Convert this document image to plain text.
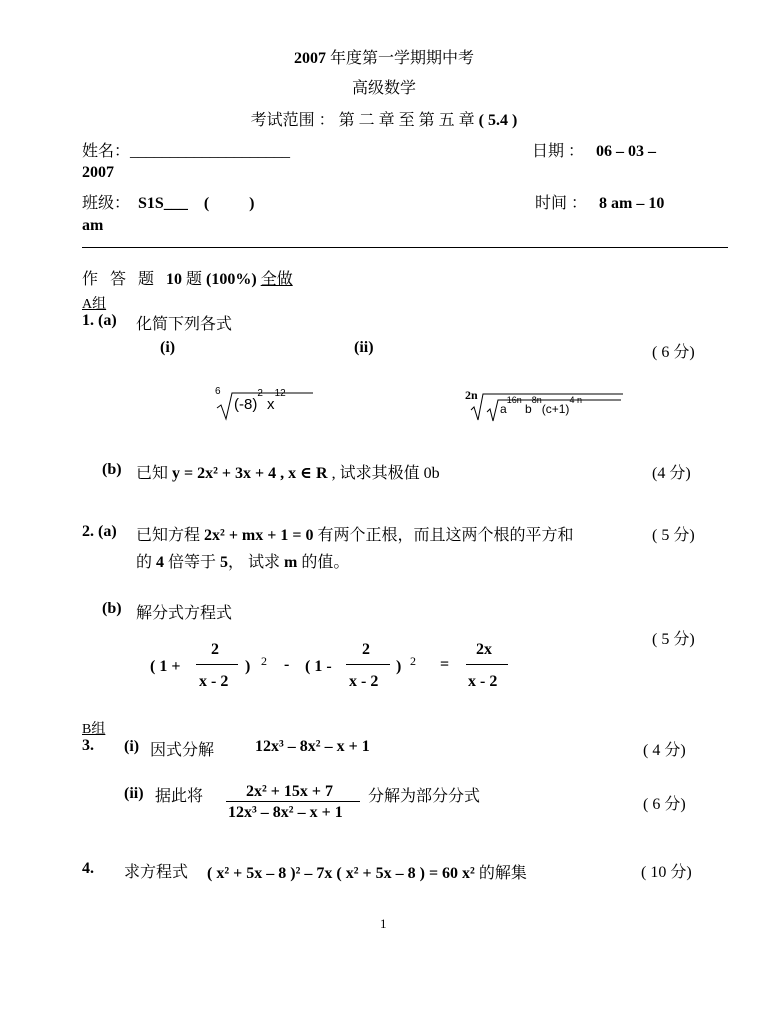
2007 年度第一学期期中考
高级数学
考试范围 ： 第 二 章 至 第 五 章 ( 5.4 )
姓名：____________________	日期 ： 06 – 03 –
2007
班级： S1S___ (          )	时间 ： 8 am – 10
am
作 答 题 10 题 (100%) 全做
A组
1. (a) 化简下列各式
(i)	(ii)	( 6 分)
6
$(-8)^2$ $x^{12}$	2n
$a^{16n}$ $b^{8n}(c+1)^{4 n}$
(b) 已知 y = 2x² + 3x + 4 , x ∈ R , 试求其极值 0b	(4 分)
2. (a) 已知方程 2x² + mx + 1 = 0 有两个正根，而且这两个根的平方和	( 5 分)
的 4 倍等于 5， 试求 m 的值。
(b) 解分式方程式
( 5 分)
( 1 +
2
x - 2
) 2 - ( 1 -
2
x - 2
) 2 =
2x
x - 2
B组
3. (i) 因式分解	12x³ – 8x² – x + 1	( 4 分)
(ii) 据此将	2x² + 15x + 7
12x³ – 8x² – x + 1
分解为部分分式	( 6 分)
4. 求方程式 ( x² + 5x – 8 )² – 7x ( x² + 5x – 8 ) = 60 x² 的解集	( 10 分)
1
